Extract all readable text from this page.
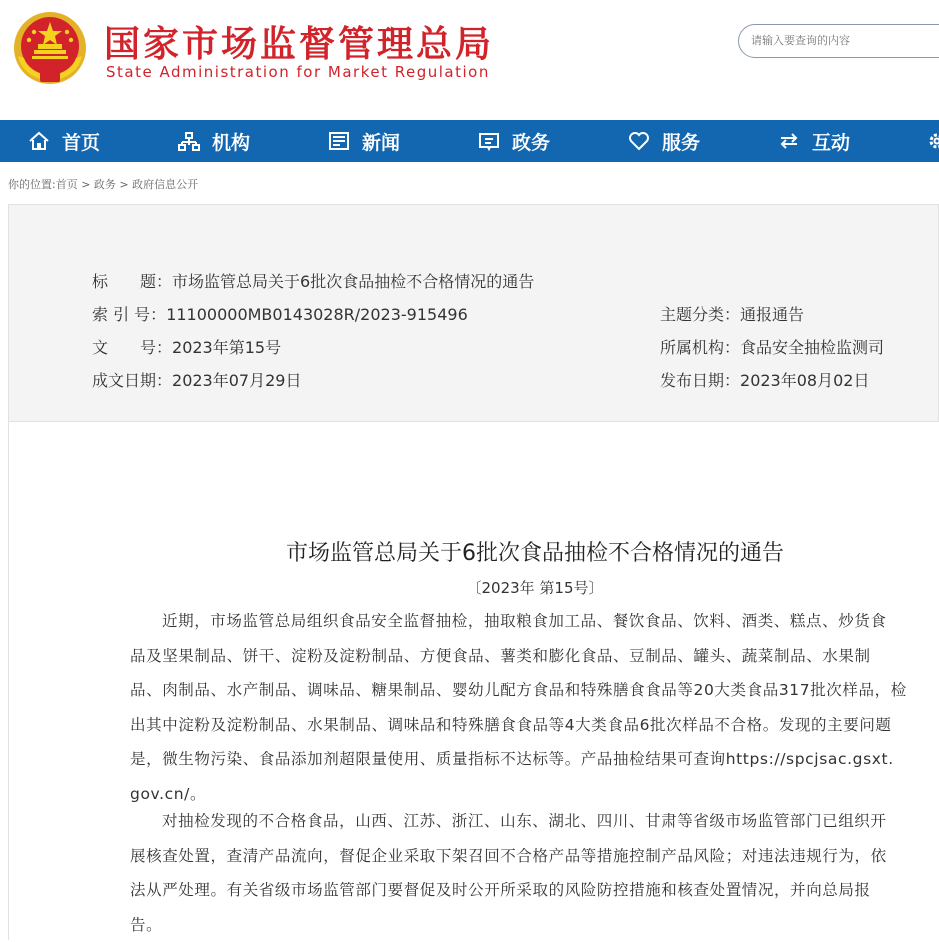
国家市场监督管理总局
State Administration for Market Regulation
请输入要查询的内容
首页	机构	新闻	政务	服务	互动
你的位置:首页 > 政务 > 政府信息公开
标　　题：市场监管总局关于6批次食品抽检不合格情况的通告
索 引 号：11100000MB0143028R/2023-915496
文　　号：2023年第15号
成文日期：2023年07月29日
主题分类：通报通告
所属机构：食品安全抽检监测司
发布日期：2023年08月02日
市场监管总局关于6批次食品抽检不合格情况的通告
〔2023年 第15号〕
近期，市场监管总局组织食品安全监督抽检，抽取粮食加工品、餐饮食品、饮料、酒类、糕点、炒货食
品及坚果制品、饼干、淀粉及淀粉制品、方便食品、薯类和膨化食品、豆制品、罐头、蔬菜制品、水果制
品、肉制品、水产制品、调味品、糖果制品、婴幼儿配方食品和特殊膳食食品等20大类食品317批次样品，检
出其中淀粉及淀粉制品、水果制品、调味品和特殊膳食食品等4大类食品6批次样品不合格。发现的主要问题
是，微生物污染、食品添加剂超限量使用、质量指标不达标等。产品抽检结果可查询https://spcjsac.gsxt.
gov.cn/。
对抽检发现的不合格食品，山西、江苏、浙江、山东、湖北、四川、甘肃等省级市场监管部门已组织开
展核查处置，查清产品流向，督促企业采取下架召回不合格产品等措施控制产品风险；对违法违规行为，依
法从严处理。有关省级市场监管部门要督促及时公开所采取的风险防控措施和核查处置情况，并向总局报
告。
